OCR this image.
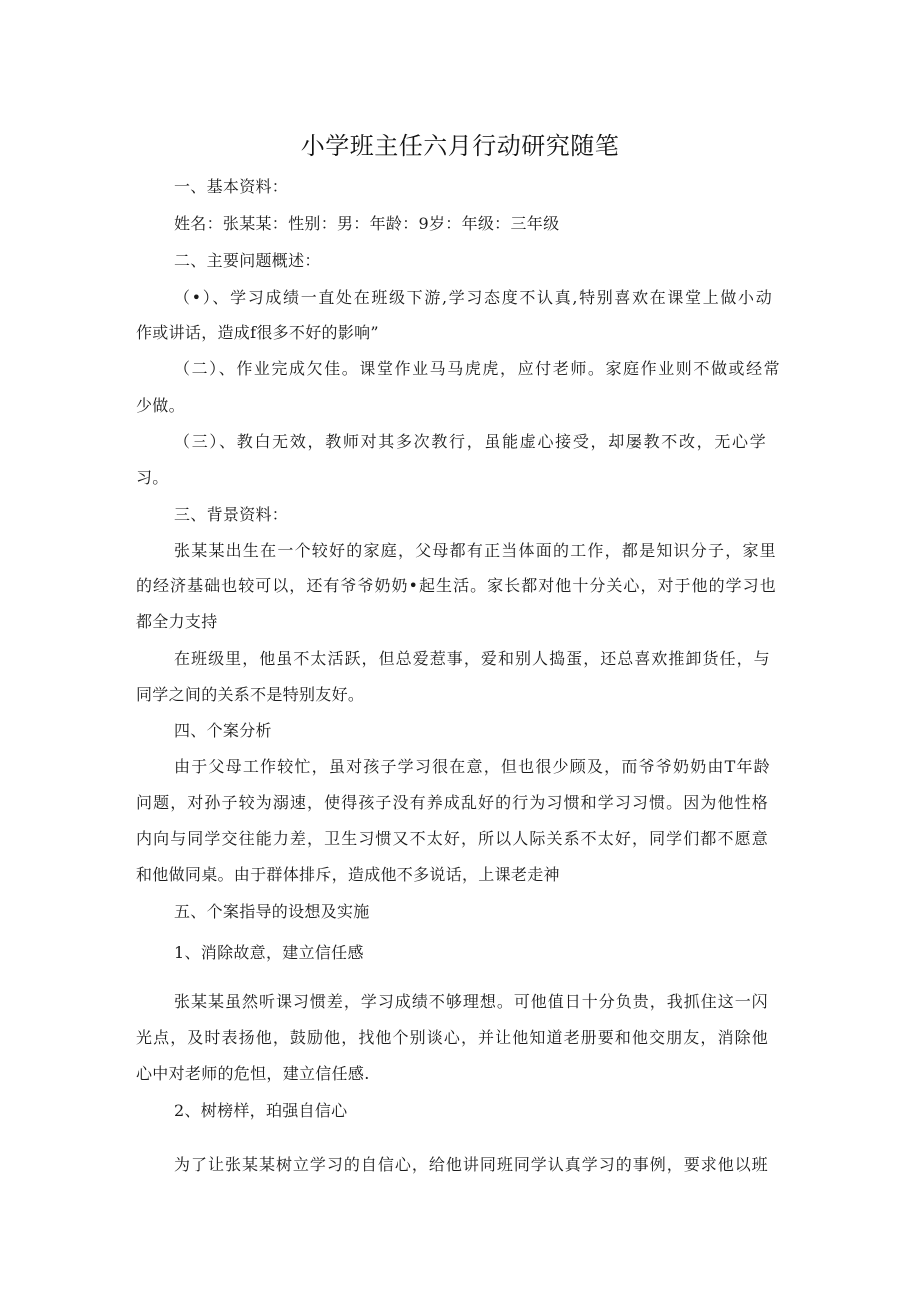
小学班主任六月行动研究随笔
一、基本资料：
姓名：张某某：性别：男：年龄：9岁：年级：三年级
二、主要问题概述：
（•）、学习成绩一直处在班级下游,学习态度不认真,特别喜欢在课堂上做小动
作或讲话，造成f很多不好的影响”
（二）、作业完成欠佳。课堂作业马马虎虎，应付老师。家庭作业则不做或经常
少做。
（三）、教白无效，教师对其多次教行，虽能虚心接受，却屡教不改，无心学
习。
三、背景资料：
张某某出生在一个较好的家庭，父母都有正当体面的工作，都是知识分子，家里
的经济基础也较可以，还有爷爷奶奶•起生活。家长都对他十分关心，对于他的学习也
都全力支持
在班级里，他虽不太活跃，但总爱惹事，爱和别人捣蛋，还总喜欢推卸货任，与
同学之间的关系不是特别友好。
四、个案分析
由于父母工作较忙，虽对孩子学习很在意，但也很少顾及，而爷爷奶奶由T年龄
问题，对孙子较为溺速，使得孩子没有养成乱好的行为习惯和学习习惯。因为他性格
内向与同学交往能力差，卫生习惯又不太好，所以人际关系不太好，同学们都不愿意
和他做同桌。由于群体排斥，造成他不多说话，上课老走神
五、个案指导的设想及实施
1、消除故意，建立信任感
张某某虽然听课习惯差，学习成绩不够理想。可他值日十分负贵，我抓住这一闪
光点，及时表扬他，鼓励他，找他个别谈心，并让他知道老册要和他交朋友，消除他
心中对老师的危怛，建立信任感.
2、树榜样，珀强自信心
为了让张某某树立学习的自信心，给他讲同班同学认真学习的事例，要求他以班
